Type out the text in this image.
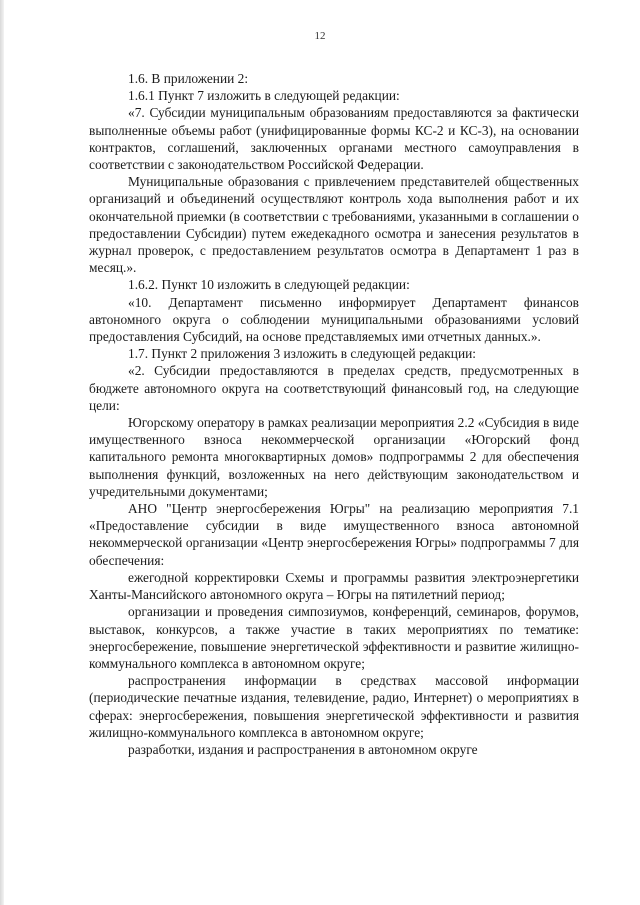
12

1.6. В приложении 2:

1.6.1 Пункт 7 изложить в следующей редакции:

«7. Субсидии муниципальным образованиям предоставляются за фактически выполненные объемы работ (унифицированные формы КС-2 и КС-3), на основании контрактов, соглашений, заключенных органами местного самоуправления в соответствии с законодательством Российской Федерации.

Муниципальные образования с привлечением представителей общественных организаций и объединений осуществляют контроль хода выполнения работ и их окончательной приемки (в соответствии с требованиями, указанными в соглашении о предоставлении Субсидии) путем ежедекадного осмотра и занесения результатов в журнал проверок, с предоставлением результатов осмотра в Департамент 1 раз в месяц.».

1.6.2. Пункт 10 изложить в следующей редакции:

«10. Департамент письменно информирует Департамент финансов автономного округа о соблюдении муниципальными образованиями условий предоставления Субсидий, на основе представляемых ими отчетных данных.».

1.7. Пункт 2 приложения 3 изложить в следующей редакции:

«2. Субсидии предоставляются в пределах средств, предусмотренных в бюджете автономного округа на соответствующий финансовый год, на следующие цели:

Югорскому оператору в рамках реализации мероприятия 2.2 «Субсидия в виде имущественного взноса некоммерческой организации «Югорский фонд капитального ремонта многоквартирных домов» подпрограммы 2 для обеспечения выполнения функций, возложенных на него действующим законодательством и учредительными документами;

АНО "Центр энергосбережения Югры" на реализацию мероприятия 7.1 «Предоставление субсидии в виде имущественного взноса автономной некоммерческой организации «Центр энергосбережения Югры» подпрограммы 7 для обеспечения:

ежегодной корректировки Схемы и программы развития электроэнергетики Ханты-Мансийского автономного округа – Югры на пятилетний период;

организации и проведения симпозиумов, конференций, семинаров, форумов, выставок, конкурсов, а также участие в таких мероприятиях по тематике: энергосбережение, повышение энергетической эффективности и развитие жилищно-коммунального комплекса в автономном округе;

распространения информации в средствах массовой информации (периодические печатные издания, телевидение, радио, Интернет) о мероприятиях в сферах: энергосбережения, повышения энергетической эффективности и развития жилищно-коммунального комплекса в автономном округе;

разработки, издания и распространения в автономном округе
